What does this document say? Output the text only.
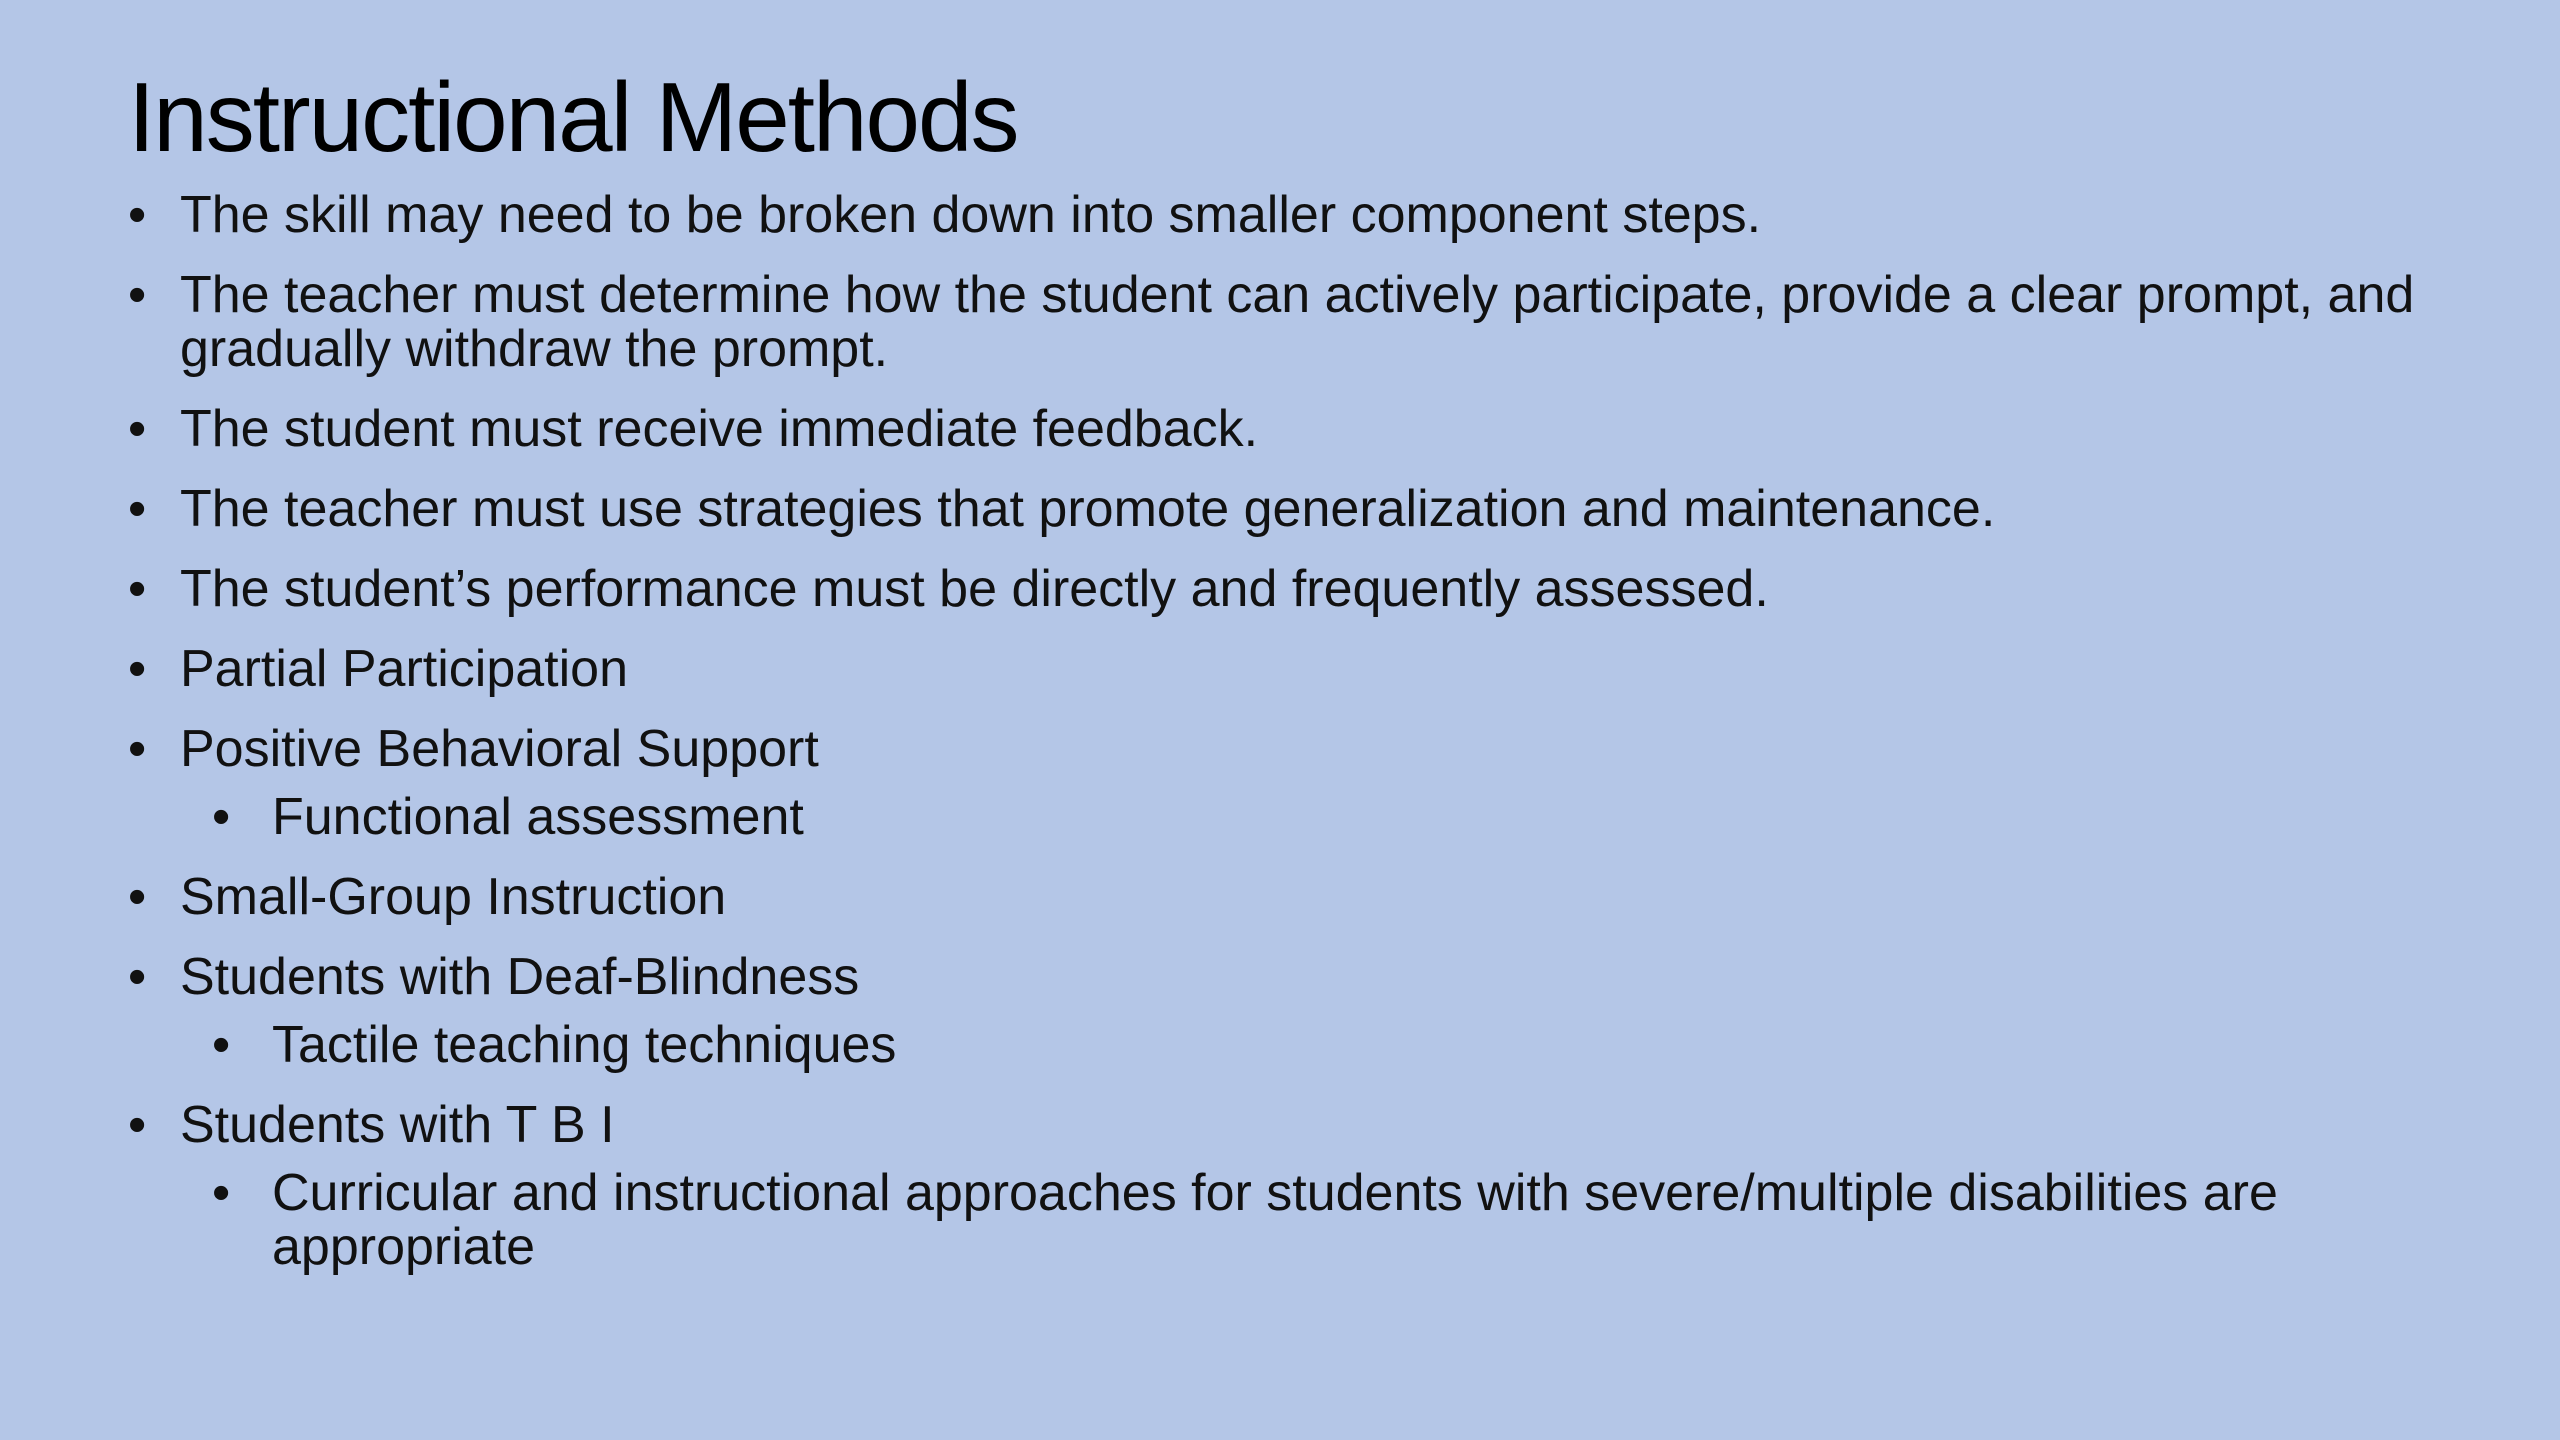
Instructional Methods
• The skill may need to be broken down into smaller component steps.
• The teacher must determine how the student can actively participate, provide a clear prompt, and gradually withdraw the prompt.
• The student must receive immediate feedback.
• The teacher must use strategies that promote generalization and maintenance.
• The student’s performance must be directly and frequently assessed.
• Partial Participation
• Positive Behavioral Support
• Functional assessment
• Small-Group Instruction
• Students with Deaf-Blindness
• Tactile teaching techniques
• Students with T B I
• Curricular and instructional approaches for students with severe/multiple disabilities are appropriate
